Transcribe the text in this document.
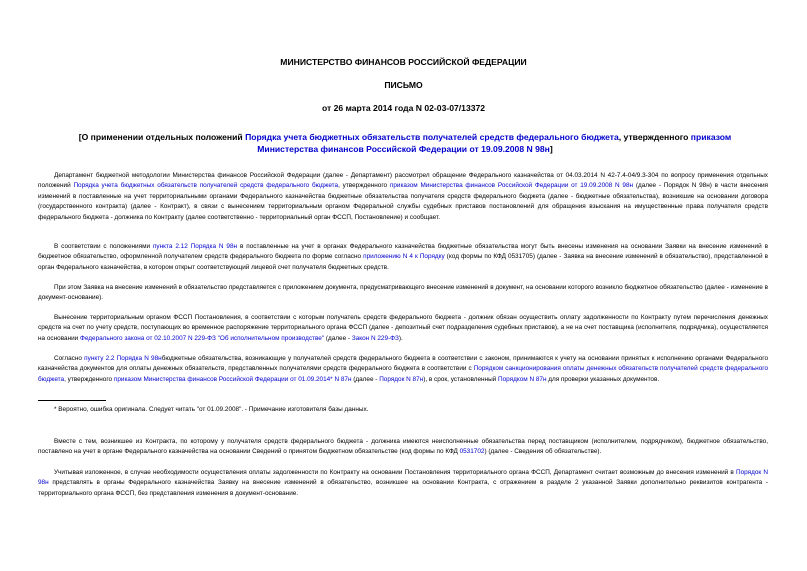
МИНИСТЕРСТВО ФИНАНСОВ РОССИЙСКОЙ ФЕДЕРАЦИИ
ПИСЬМО
от 26 марта 2014 года N 02-03-07/13372
[О применении отдельных положений Порядка учета бюджетных обязательств получателей средств федерального бюджета, утвержденного приказом Министерства финансов Российской Федерации от 19.09.2008 N 98н]
Департамент бюджетной методологии Министерства финансов Российской Федерации (далее - Департамент) рассмотрел обращение Федерального казначейства от 04.03.2014 N 42-7.4-04/9.3-304 по вопросу применения отдельных положений Порядка учета бюджетных обязательств получателей средств федерального бюджета, утвержденного приказом Министерства финансов Российской Федерации от 19.09.2008 N 98н (далее - Порядок N 98н) в части внесения изменений в поставленные на учет территориальными органами Федерального казначейства бюджетные обязательства получателя средств федерального бюджета (далее - бюджетные обязательства), возникшие на основании договора (государственного контракта) (далее - Контракт), в связи с вынесением территориальным органом Федеральной службы судебных приставов постановлений для обращения взыскания на имущественные права получателя средств федерального бюджета - должника по Контракту (далее соответственно - территориальный орган ФССП, Постановление) и сообщает.
В соответствии с положениями пункта 2.12 Порядка N 98н в поставленные на учет в органах Федерального казначейства бюджетные обязательства могут быть внесены изменения на основании Заявки на внесение изменений в бюджетное обязательство, оформленной получателем средств федерального бюджета по форме согласно приложению N 4 к Порядку (код формы по КФД 0531705) (далее - Заявка на внесение изменений в обязательство), представленной в орган Федерального казначейства, в котором открыт соответствующий лицевой счет получателя бюджетных средств.
При этом Заявка на внесение изменений в обязательство представляется с приложением документа, предусматривающего внесение изменений в документ, на основании которого возникло бюджетное обязательство (далее - изменение в документ-основание).
Вынесение территориальным органом ФССП Постановления, в соответствии с которым получатель средств федерального бюджета - должник обязан осуществить оплату задолженности по Контракту путем перечисления денежных средств на счет по учету средств, поступающих во временное распоряжение территориального органа ФССП (далее - депозитный счет подразделения судебных приставов), а не на счет поставщика (исполнителя, подрядчика), осуществляется на основании Федерального закона от 02.10.2007 N 229-ФЗ "Об исполнительном производстве" (далее - Закон N 229-ФЗ).
Согласно пункту 2.2 Порядка N 98нбюджетные обязательства, возникающие у получателей средств федерального бюджета в соответствии с законом, принимаются к учету на основании принятых к исполнению органами Федерального казначейства документов для оплаты денежных обязательств, представленных получателями средств федерального бюджета в соответствии с Порядком санкционирования оплаты денежных обязательств получателей средств федерального бюджета, утвержденного приказом Министерства финансов Российской Федерации от 01.09.2014* N 87н (далее - Порядок N 87н), в срок, установленный Порядком N 87н для проверки указанных документов.
* Вероятно, ошибка оригинала. Следует читать "от 01.09.2008". - Примечание изготовителя базы данных.
Вместе с тем, возникшее из Контракта, по которому у получателя средств федерального бюджета - должника имеются неисполненные обязательства перед поставщиком (исполнителем, подрядчиком), бюджетное обязательство, поставлено на учет в органе Федерального казначейства на основании Сведений о принятом бюджетном обязательстве (код формы по КФД 0531702) (далее - Сведения об обязательстве).
Учитывая изложенное, в случае необходимости осуществления оплаты задолженности по Контракту на основании Постановления территориального органа ФССП, Департамент считает возможным до внесения изменений в Порядок N 98н представлять в органы Федерального казначейства Заявку на внесение изменений в обязательство, возникшее на основании Контракта, с отражением в разделе 2 указанной Заявки дополнительно реквизитов контрагента - территориального органа ФССП, без представления изменения в документ-основание.
